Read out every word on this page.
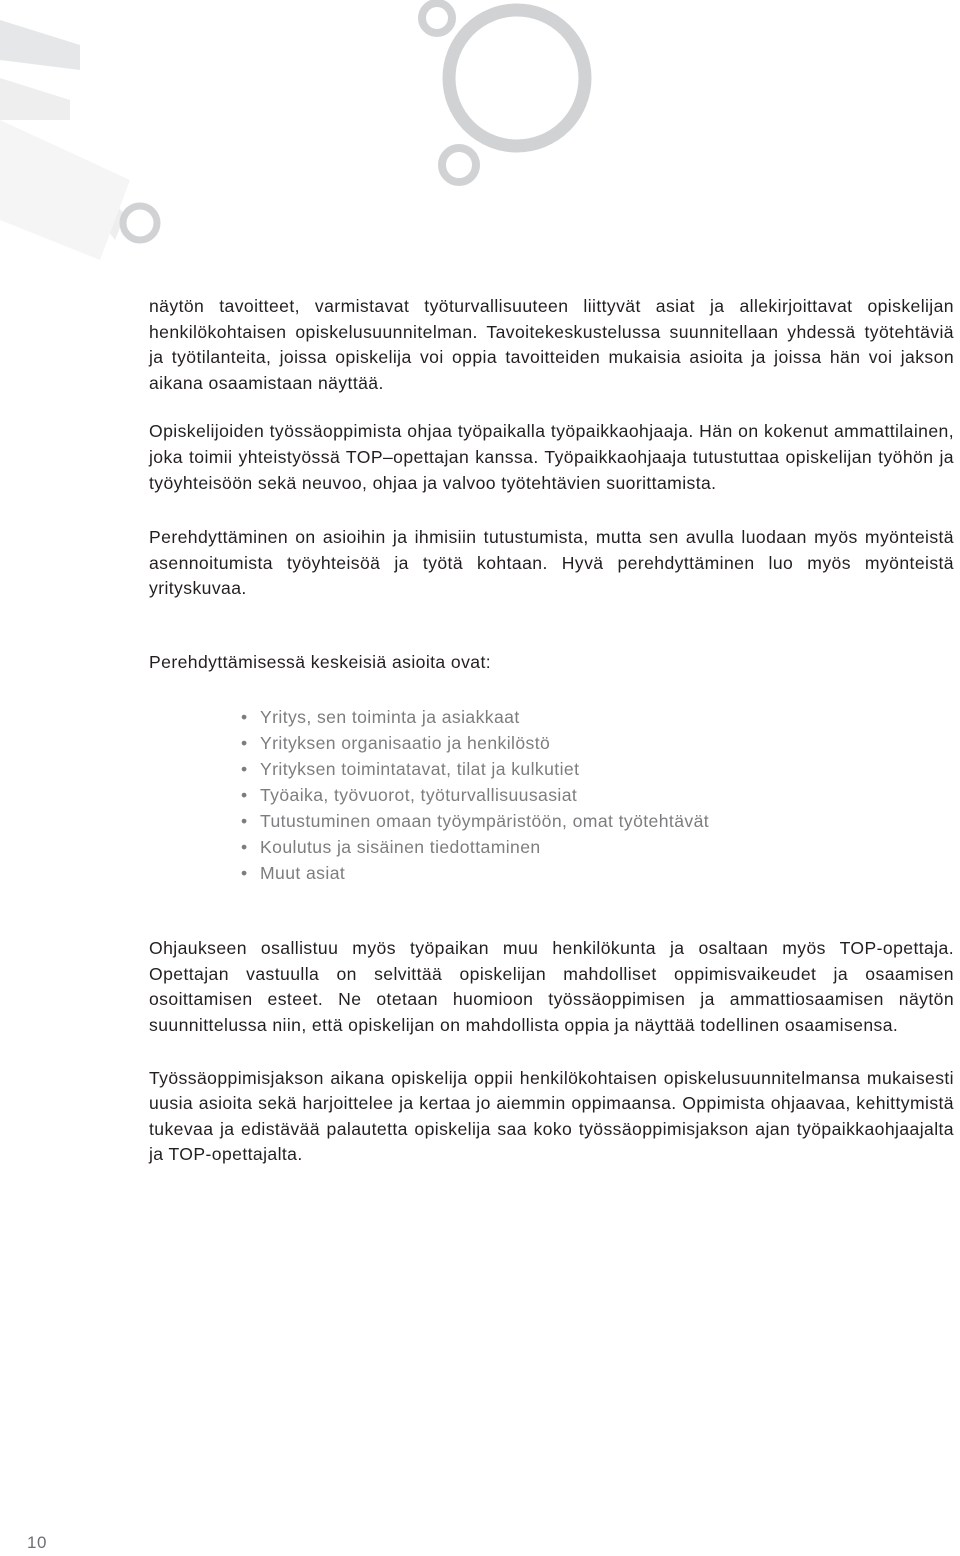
näytön tavoitteet, varmistavat työturvallisuuteen liittyvät asiat ja allekirjoittavat opiskelijan henkilökohtaisen opiskelusuunnitelman. Tavoitekeskustelussa suunnitellaan yhdessä työtehtäviä ja työtilanteita, joissa opiskelija voi oppia tavoitteiden mukaisia asioita ja joissa hän voi jakson aikana osaamistaan näyttää.

Opiskelijoiden työssäoppimista ohjaa työpaikalla työpaikkaohjaaja. Hän on kokenut ammattilainen, joka toimii yhteistyössä TOP–opettajan kanssa. Työpaikkaohjaaja tutustuttaa opiskelijan työhön ja työyhteisöön sekä neuvoo, ohjaa ja valvoo työtehtävien suorittamista.

Perehdyttäminen on asioihin ja ihmisiin tutustumista, mutta sen avulla luodaan myös myönteistä asennoitumista työyhteisöä ja työtä kohtaan. Hyvä perehdyttäminen luo myös myönteistä yrityskuvaa.

Perehdyttämisessä keskeisiä asioita ovat:

• Yritys, sen toiminta ja asiakkaat
• Yrityksen organisaatio ja henkilöstö
• Yrityksen toimintatavat, tilat ja kulkutiet
• Työaika, työvuorot, työturvallisuusasiat
• Tutustuminen omaan työympäristöön, omat työtehtävät
• Koulutus ja sisäinen tiedottaminen
• Muut asiat

Ohjaukseen osallistuu myös työpaikan muu henkilökunta ja osaltaan myös TOP-opettaja. Opettajan vastuulla on selvittää opiskelijan mahdolliset oppimisvaikeudet ja osaamisen osoittamisen esteet. Ne otetaan huomioon työssäoppimisen ja ammattiosaamisen näytön suunnittelussa niin, että opiskelijan on mahdollista oppia ja näyttää todellinen osaamisensa.

Työssäoppimisjakson aikana opiskelija oppii henkilökohtaisen opiskelusuunnitelmansa mukaisesti uusia asioita sekä harjoittelee ja kertaa jo aiemmin oppimaansa. Oppimista ohjaavaa, kehittymistä tukevaa ja edistävää palautetta opiskelija saa koko työssäoppimisjakson ajan työpaikkaohjaajalta ja TOP-opettajalta.

10
